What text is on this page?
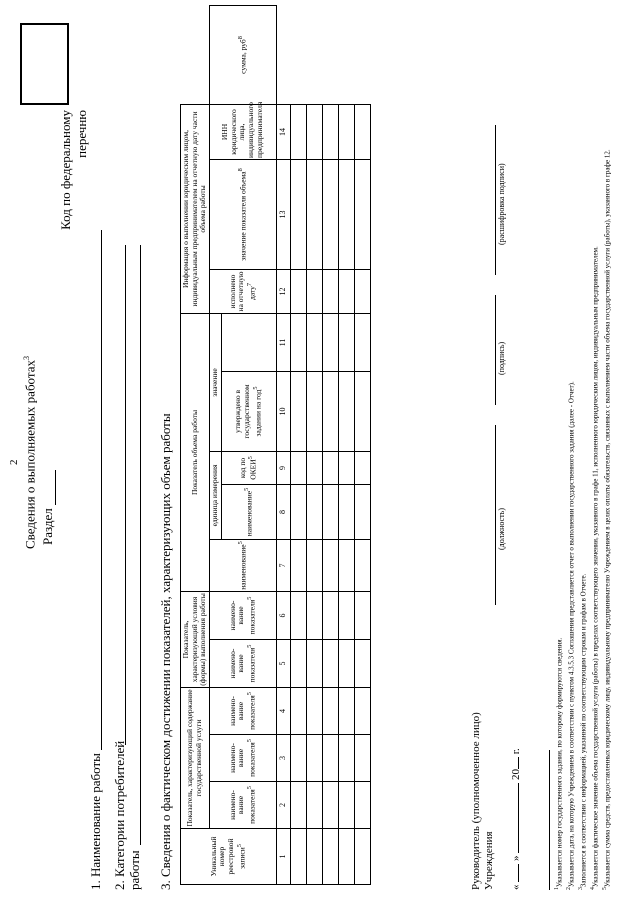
2 Сведения о выполняемых работах$^3$
Раздел
Код по федеральному перечню
1. Наименование работы 2. Категории потребителей работы 3. Сведения о фактическом достижении показателей, характеризующих объем работы	Уникальный номер реестровой записи$^5$	Показатель, характеризующий содержание государственной услуги			Показатель, характеризующий условия (формы) выполнения работы		Показатель объема работы					Информация о выполнении юридическим лицом, индивидуальным предпринимателем на отчетную дату части объема работы			
	наимено-вание показателя$^5$	наимено-вание показателя$^5$	наимено-вание показателя$^5$	наимено-вание показателя$^5$	наимено-вание показателя$^5$	наименование$^5$	единица измерения		значение		исполнено на отчетную дату$^7$	значение показателя объема$^8$	ИНН юридического лица, индивидуального предпринимателя	сумма, руб$^8$
							наименование$^5$	код по ОКЕИ$^5$	утверждено в государственном задании на год$^5$
1	2	3	4	5	6	7	8	9	10	11	12	13	14	

Руководитель (уполномоченное лицо) Учреждения
(должность)
(подпись)
(расшифровка подписи)
«  »  20 г.
$^1$Указывается номер государственного задания, по которому формируются сведения.
$^2$Указывается дата, на которую Учреждением в соответствии с пунктом 4.3.5.3 Соглашения представляется отчет о выполнении государственного задания (далее - Отчет).
$^3$Заполняется в соответствии с информацией, указанной по соответствующим строкам и графам в Отчете.
$^4$Указывается фактическое значение объема государственной услуги (работы) в пределах соответствующего значения, указанного в графе 11, исполненного юридическим лицом, индивидуальным предпринимателем.
$^5$Указывается сумма средств, предоставленных юридическому лицу, индивидуальному предпринимателю Учреждением в целях оплаты обязательств, связанных с выполнением части объема государственной услуги (работы), указанного в графе 12.
